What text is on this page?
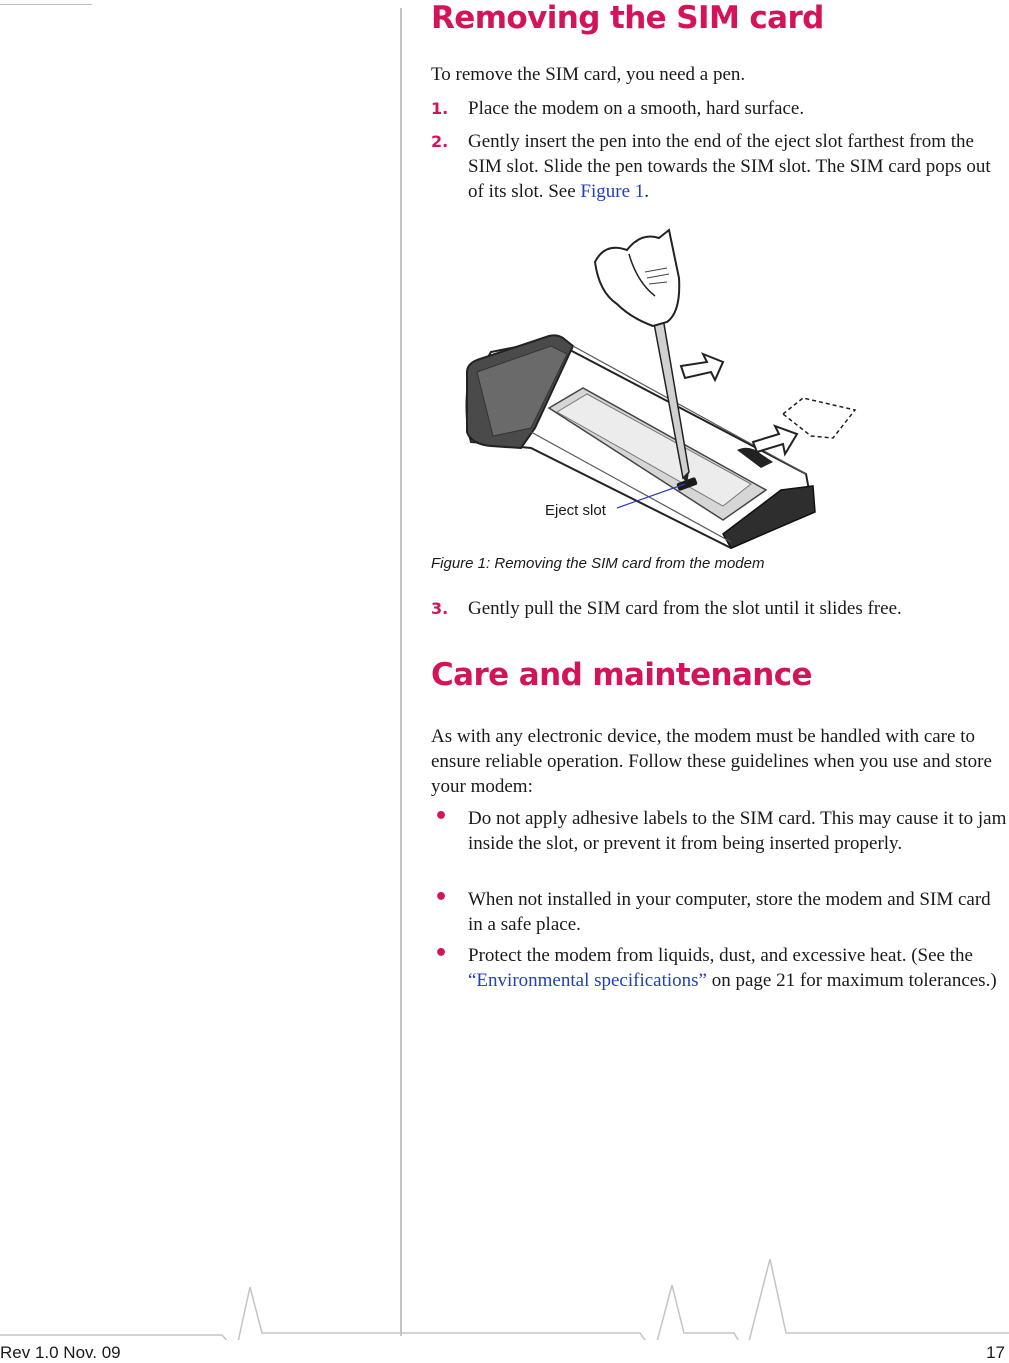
Removing the SIM card

To remove the SIM card, you need a pen.

1. Place the modem on a smooth, hard surface.
2. Gently insert the pen into the end of the eject slot farthest from the SIM slot. Slide the pen towards the SIM slot. The SIM card pops out of its slot. See Figure 1.
Eject slot
Figure 1: Removing the SIM card from the modem
3. Gently pull the SIM card from the slot until it slides free.
Care and maintenance

As with any electronic device, the modem must be handled with care to ensure reliable operation. Follow these guidelines when you use and store your modem:

• Do not apply adhesive labels to the SIM card. This may cause it to jam inside the slot, or prevent it from being inserted properly.
• When not installed in your computer, store the modem and SIM card in a safe place.
• Protect the modem from liquids, dust, and excessive heat. (See the “Environmental specifications” on page 21 for maximum tolerances.)
Rev 1.0 Nov. 09	17
